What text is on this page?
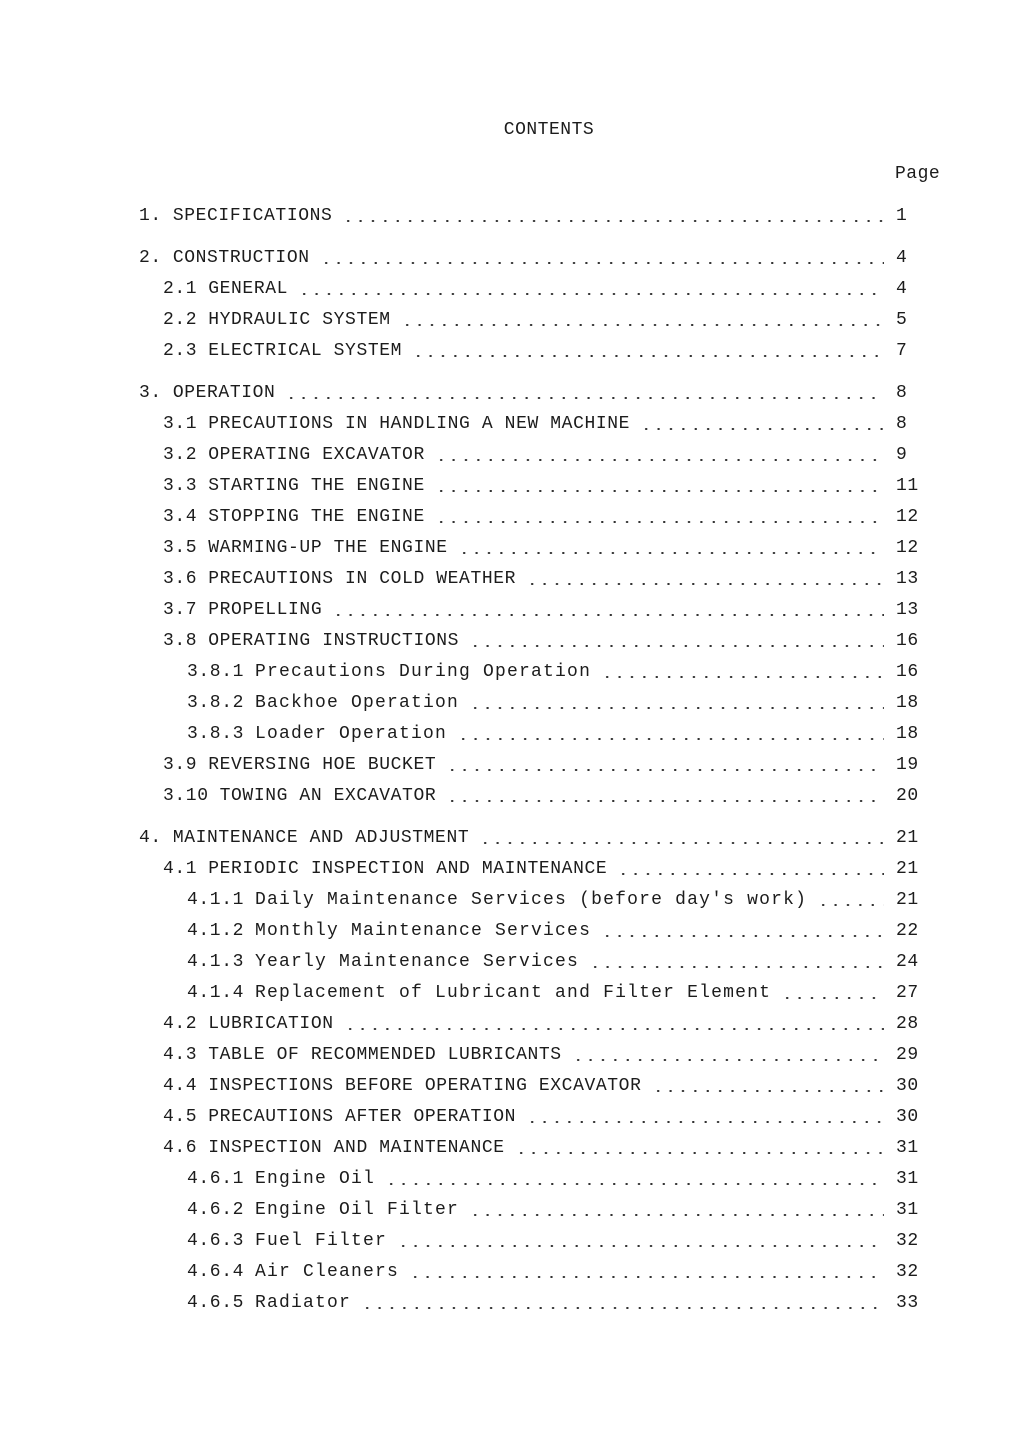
CONTENTS
Page
1. SPECIFICATIONS	1
2. CONSTRUCTION	4
2.1 GENERAL	4
2.2 HYDRAULIC SYSTEM	5
2.3 ELECTRICAL SYSTEM	7
3. OPERATION	8
3.1 PRECAUTIONS IN HANDLING A NEW MACHINE	8
3.2 OPERATING EXCAVATOR	9
3.3 STARTING THE ENGINE	11
3.4 STOPPING THE ENGINE	12
3.5 WARMING-UP THE ENGINE	12
3.6 PRECAUTIONS IN COLD WEATHER	13
3.7 PROPELLING	13
3.8 OPERATING INSTRUCTIONS	16
3.8.1 Precautions During Operation	16
3.8.2 Backhoe Operation	18
3.8.3 Loader Operation	18
3.9 REVERSING HOE BUCKET	19
3.10 TOWING AN EXCAVATOR	20
4. MAINTENANCE AND ADJUSTMENT	21
4.1 PERIODIC INSPECTION AND MAINTENANCE	21
4.1.1 Daily Maintenance Services (before day's work)	21
4.1.2 Monthly Maintenance Services	22
4.1.3 Yearly Maintenance Services	24
4.1.4 Replacement of Lubricant and Filter Element	27
4.2 LUBRICATION	28
4.3 TABLE OF RECOMMENDED LUBRICANTS	29
4.4 INSPECTIONS BEFORE OPERATING EXCAVATOR	30
4.5 PRECAUTIONS AFTER OPERATION	30
4.6 INSPECTION AND MAINTENANCE	31
4.6.1 Engine Oil	31
4.6.2 Engine Oil Filter	31
4.6.3 Fuel Filter	32
4.6.4 Air Cleaners	32
4.6.5 Radiator	33
